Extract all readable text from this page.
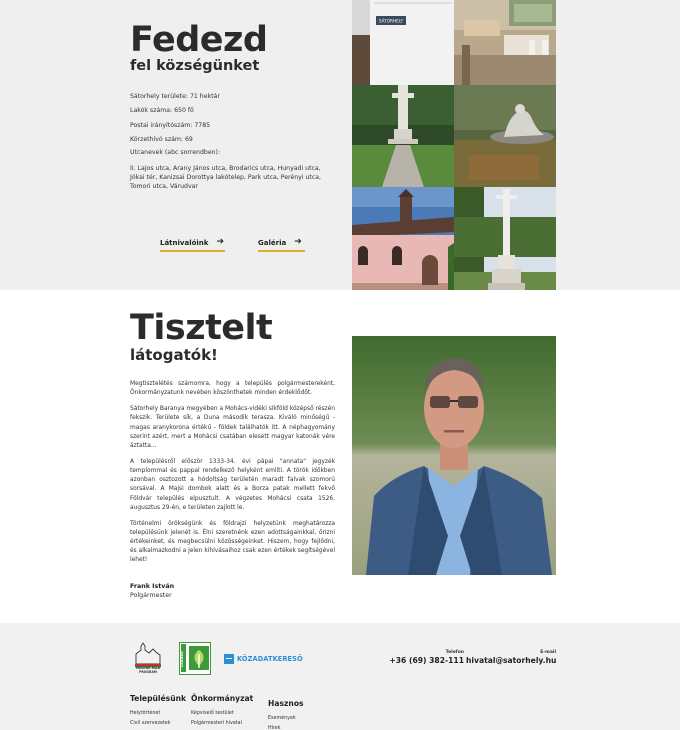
Fedezd
fel községünket
Sátorhely területe: 71 hektár
Lakók száma: 650 fő
Postai irányítószám: 7785
Körzethívó szám: 69
Utcanevek (abc sorrendben):
II. Lajos utca, Arany János utca, Brodarics utca, Hunyadi utca, Jókai tér, Kanizsai Dorottya lakótelep, Park utca, Perényi utca, Tomori utca, Várudvar
Látnivalóink ➔	Galéria ➔
SÁTORHELY
Tisztelt
látogatók!

Megtisztelétés számomra, hogy a település polgármestereként, Önkormányzatunk nevében köszönthetek minden érdeklődőt.

Sátorhely Baranya megyében a Mohács-vidéki síkföld középső részén fekszik. Területe sík, a Duna második terasza. Kiváló minőségű - magas aranykorona értékű - földek találhatók itt. A néphagyomány szerint azért, mert a Mohácsi csatában elesett magyar katonák vére áztatta...

A településről először 1333-34. évi pápai "annata" jegyzék templommal és pappal rendelkező helyként említi. A török időkben azonban osztozott a hódoltság területén maradt falvak szomorú sorsával. A Majsi dombok alatt és a Borza patak mellett fekvő Földvár település elpusztult. A végzetes Mohácsi csata 1526. augusztus 29-én, e területen zajlott le.

Történelmi örökségünk és földrajzi helyzetünk meghatározza településünk jelenét is. Élni szeretnénk ezen adottságainkkal, őrizni értékeinket, és megbecsülni közösségeinket. Hiszem, hogy fejlődni, és alkalmazkodni a jelen kihívásaihoz csak ezen értékek segítségével lehet!

Frank István
Polgármester
MAGYAR FALU
PROGRAM
LEADER	KÖZADATKERESŐ
Telefon
+36 (69) 382-111
E-mail
hivatal@satorhely.hu
Településünk
Helytörténet
Civil szervezetek
Önkormányzat
Képviselő testület
Polgármesteri hivatal
Hasznos
Események
Hírek
